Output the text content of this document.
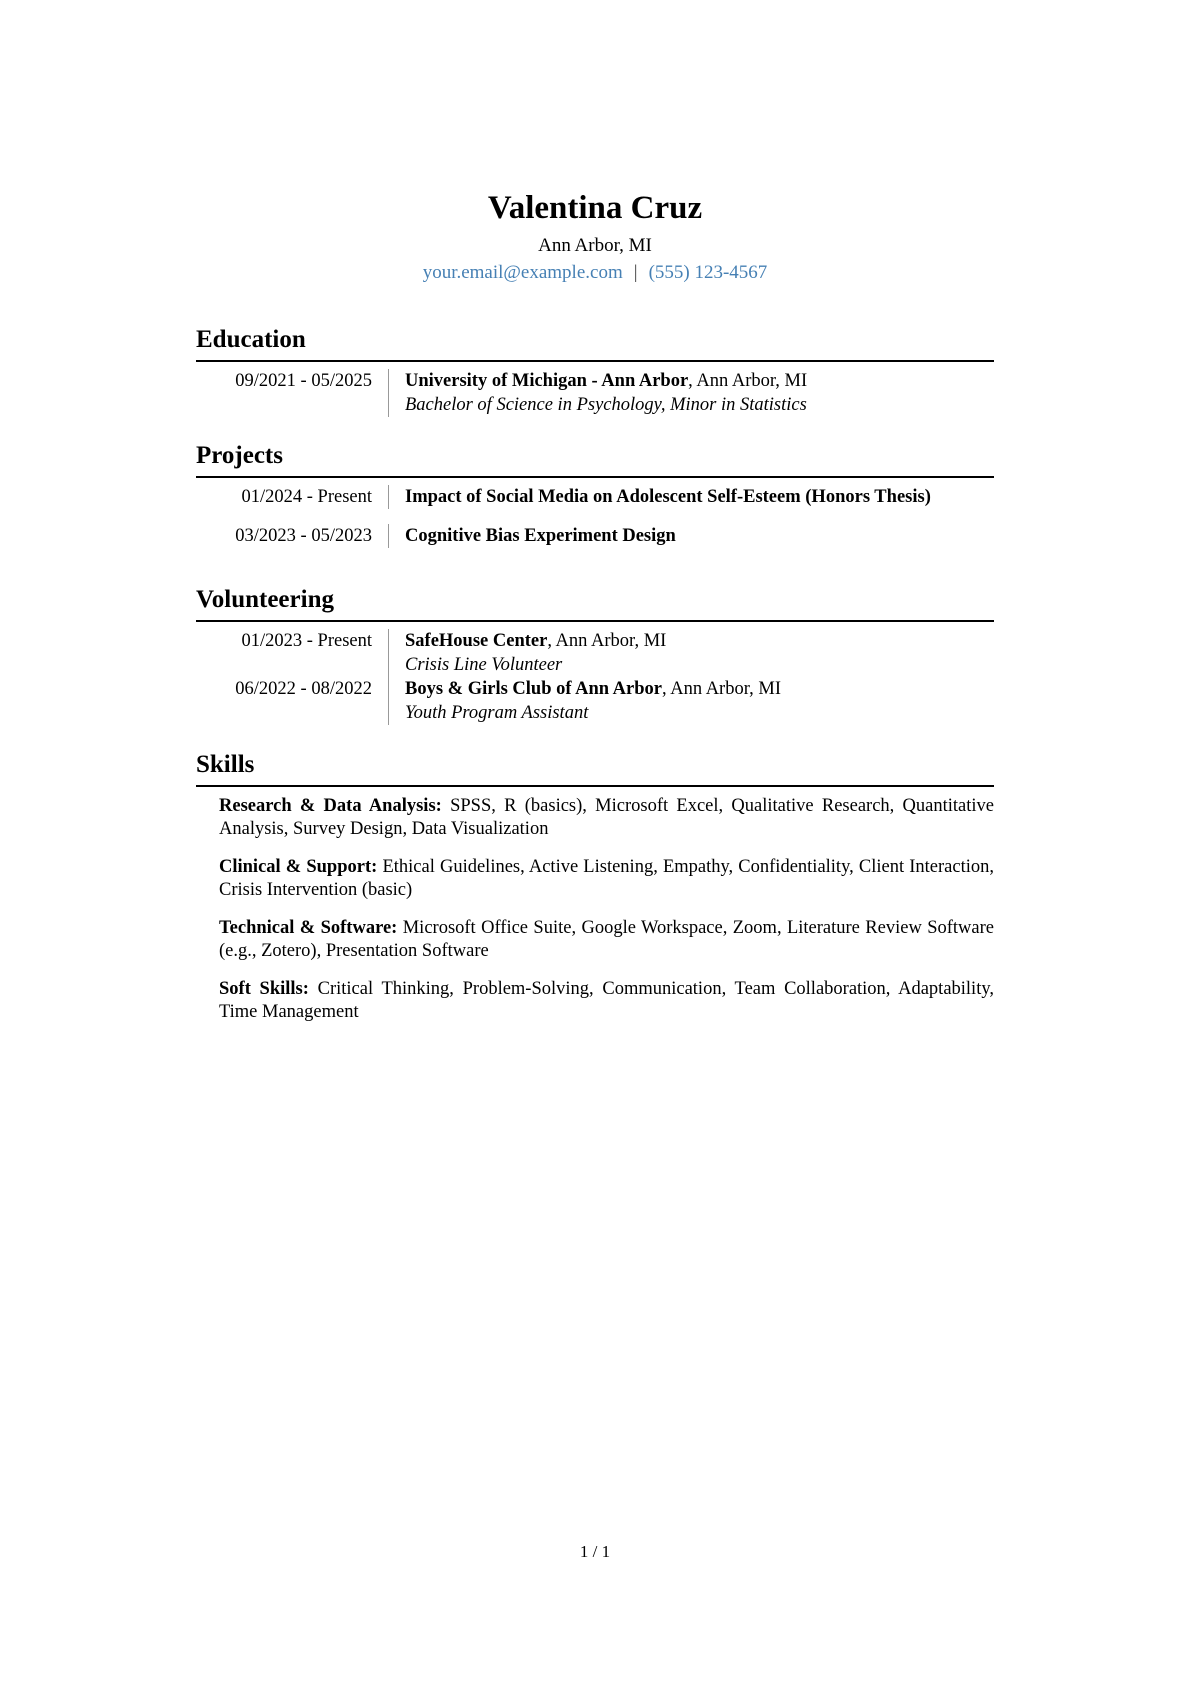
Valentina Cruz
Ann Arbor, MI
your.email@example.com | (555) 123-4567
Education
09/2021 - 05/2025 University of Michigan - Ann Arbor, Ann Arbor, MI
Bachelor of Science in Psychology, Minor in Statistics
Projects
01/2024 - Present Impact of Social Media on Adolescent Self-Esteem (Honors Thesis)
03/2023 - 05/2023 Cognitive Bias Experiment Design
Volunteering
01/2023 - Present SafeHouse Center, Ann Arbor, MI
Crisis Line Volunteer
06/2022 - 08/2022 Boys & Girls Club of Ann Arbor, Ann Arbor, MI
Youth Program Assistant
Skills
Research & Data Analysis: SPSS, R (basics), Microsoft Excel, Qualitative Research, Quantitative Analysis, Survey Design, Data Visualization
Clinical & Support: Ethical Guidelines, Active Listening, Empathy, Confidentiality, Client Interaction, Crisis Intervention (basic)
Technical & Software: Microsoft Office Suite, Google Workspace, Zoom, Literature Review Software (e.g., Zotero), Presentation Software
Soft Skills: Critical Thinking, Problem-Solving, Communication, Team Collaboration, Adaptability, Time Management
1 / 1
